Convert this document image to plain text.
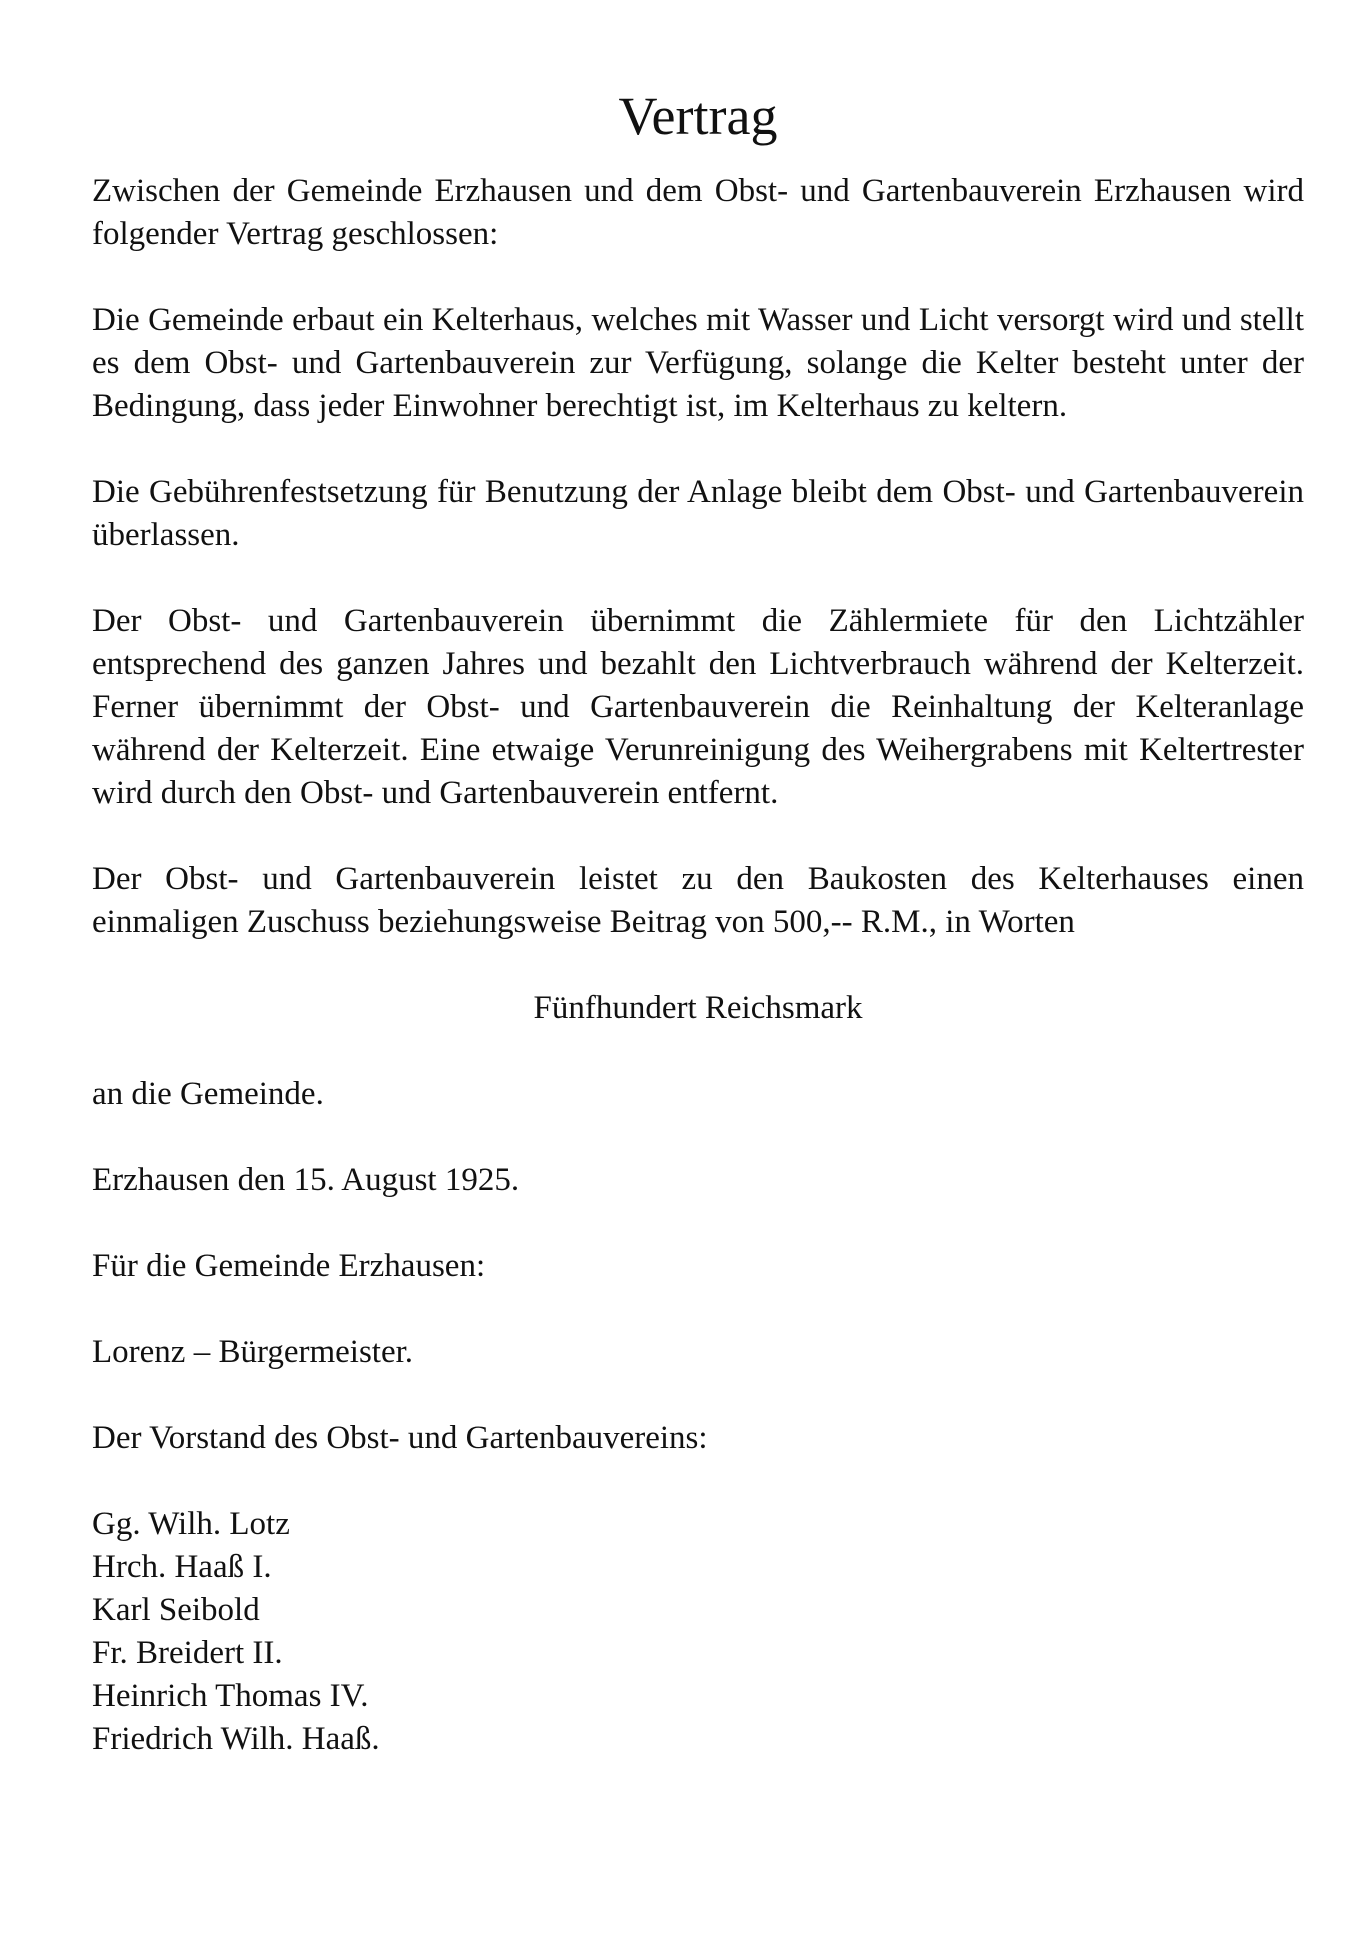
Vertrag

Zwischen der Gemeinde Erzhausen und dem Obst- und Gartenbauverein Erzhausen wird folgender Vertrag geschlossen:

Die Gemeinde erbaut ein Kelterhaus, welches mit Wasser und Licht versorgt wird und stellt es dem Obst- und Gartenbauverein zur Verfügung, solange die Kelter besteht unter der Bedingung, dass jeder Einwohner berechtigt ist, im Kelterhaus zu keltern.

Die Gebührenfestsetzung für Benutzung der Anlage bleibt dem Obst- und Gartenbauverein überlassen.

Der Obst- und Gartenbauverein übernimmt die Zählermiete für den Lichtzähler entsprechend des ganzen Jahres und bezahlt den Lichtverbrauch während der Kelterzeit. Ferner übernimmt der Obst- und Gartenbauverein die Reinhaltung der Kelteranlage während der Kelterzeit. Eine etwaige Verunreinigung des Weihergrabens mit Keltertrester wird durch den Obst- und Gartenbauverein entfernt.

Der Obst- und Gartenbauverein leistet zu den Baukosten des Kelterhauses einen einmaligen Zuschuss beziehungsweise Beitrag von 500,-- R.M., in Worten

Fünfhundert Reichsmark

an die Gemeinde.

Erzhausen den 15. August 1925.

Für die Gemeinde Erzhausen:

Lorenz – Bürgermeister.

Der Vorstand des Obst- und Gartenbauvereins:

Gg. Wilh. Lotz
Hrch. Haaß I.
Karl Seibold
Fr. Breidert II.
Heinrich Thomas IV.
Friedrich Wilh. Haaß.
